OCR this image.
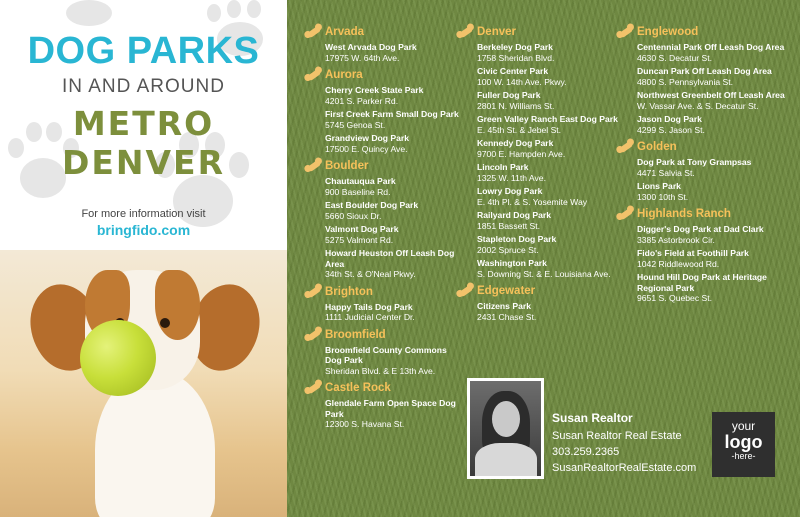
DOG PARKS
IN AND AROUND
METRO DENVER
For more information visit
bringfido.com
Arvada
West Arvada Dog Park
17975 W. 64th Ave.
Aurora
Cherry Creek State Park
4201 S. Parker Rd.
First Creek Farm Small Dog Park
5745 Genoa St.
Grandview Dog Park
17500 E. Quincy Ave.
Boulder
Chautauqua Park
900 Baseline Rd.
East Boulder Dog Park
5660 Sioux Dr.
Valmont Dog Park
5275 Valmont Rd.
Howard Heuston Off Leash Dog Area
34th St. & O'Neal Pkwy.
Brighton
Happy Tails Dog Park
1111 Judicial Center Dr.
Broomfield
Broomfield County Commons Dog Park
Sheridan Blvd. & E 13th Ave.
Castle Rock
Glendale Farm Open Space Dog Park
12300 S. Havana St.
Denver
Berkeley Dog Park
1758 Sheridan Blvd.
Civic Center Park
100 W. 14th Ave. Pkwy.
Fuller Dog Park
2801 N. Williams St.
Green Valley Ranch East Dog Park
E. 45th St. & Jebel St.
Kennedy Dog Park
9700 E. Hampden Ave.
Lincoln Park
1325 W. 11th Ave.
Lowry Dog Park
E. 4th Pl. & S. Yosemite Way
Railyard Dog Park
1851 Bassett St.
Stapleton Dog Park
2002 Spruce St.
Washington Park
S. Downing St. & E. Louisiana Ave.
Edgewater
Citizens Park
2431 Chase St.
Englewood
Centennial Park Off Leash Dog Area
4630 S. Decatur St.
Duncan Park Off Leash Dog Area
4800 S. Pennsylvania St.
Northwest Greenbelt Off Leash Area
W. Vassar Ave. & S. Decatur St.
Jason Dog Park
4299 S. Jason St.
Golden
Dog Park at Tony Grampsas
4471 Salvia St.
Lions Park
1300 10th St.
Highlands Ranch
Digger's Dog Park at Dad Clark
3385 Astorbrook Cir.
Fido's Field at Foothill Park
1042 Riddlewood Rd.
Hound Hill Dog Park at Heritage Regional Park
9651 S. Quebec St.
Susan Realtor
Susan Realtor Real Estate
303.259.2365
SusanRealtorRealEstate.com
your
logo
-here-
